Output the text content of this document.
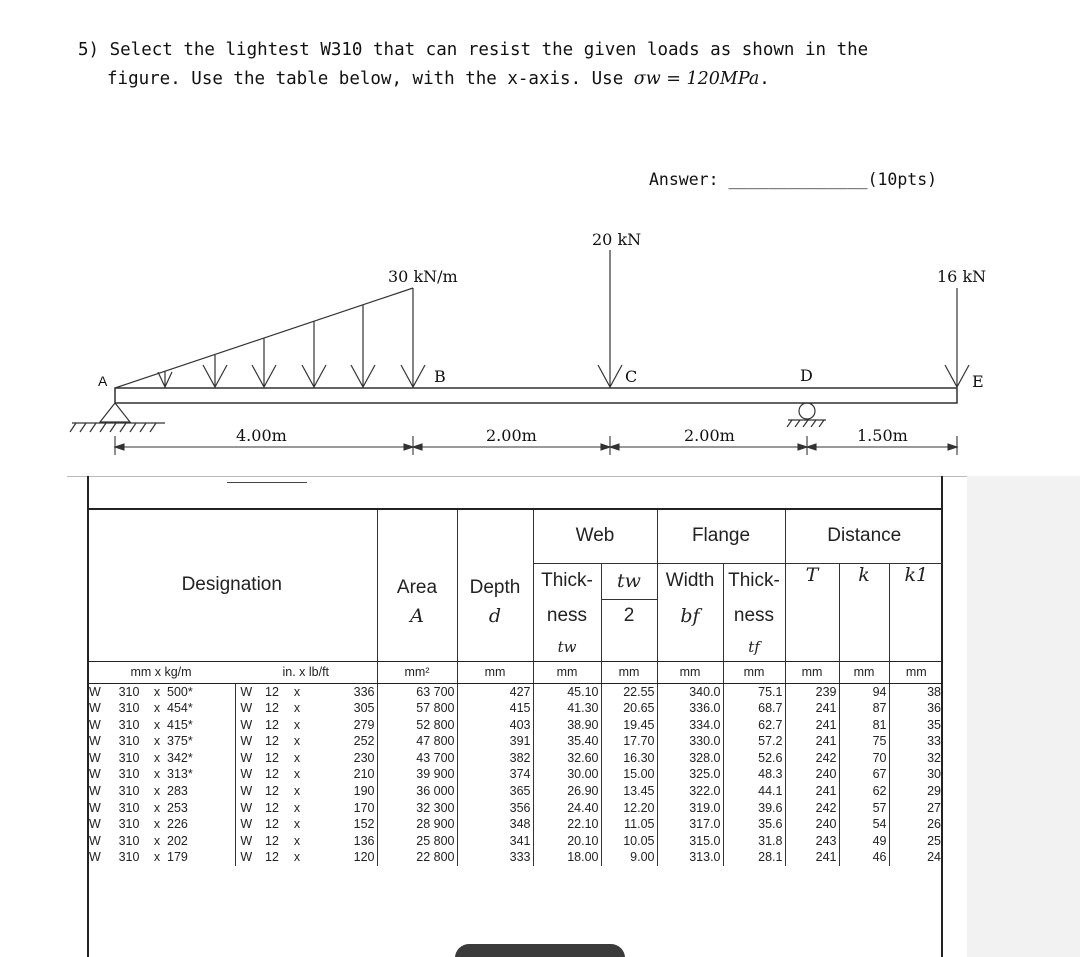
5) Select the lightest W310 that can resist the given loads as shown in the
figure. Use the table below, with the x-axis. Use σw = 120MPa.
Answer: ______________(10pts)
30 kN/m
20 kN
16 kN
A	B	C	D	E
4.00m	2.00m	2.00m	1.50m
Designation								Area	Depth	Web		Flange		Distance		
										Thick-	tw	Width	Thick-	T	k	k1
								A	d	ness	2	bf	ness			
										tw			tf			
mm x kg/m				in. x lb/ft				mm²	mm	mm	mm	mm	mm	mm	mm	mm
W	310	x	500*	W	12	x	336	63 700	427	45.10	22.55	340.0	75.1	239	94	38
W	310	x	454*	W	12	x	305	57 800	415	41.30	20.65	336.0	68.7	241	87	36
W	310	x	415*	W	12	x	279	52 800	403	38.90	19.45	334.0	62.7	241	81	35
W	310	x	375*	W	12	x	252	47 800	391	35.40	17.70	330.0	57.2	241	75	33
W	310	x	342*	W	12	x	230	43 700	382	32.60	16.30	328.0	52.6	242	70	32
W	310	x	313*	W	12	x	210	39 900	374	30.00	15.00	325.0	48.3	240	67	30
W	310	x	283	W	12	x	190	36 000	365	26.90	13.45	322.0	44.1	241	62	29
W	310	x	253	W	12	x	170	32 300	356	24.40	12.20	319.0	39.6	242	57	27
W	310	x	226	W	12	x	152	28 900	348	22.10	11.05	317.0	35.6	240	54	26
W	310	x	202	W	12	x	136	25 800	341	20.10	10.05	315.0	31.8	243	49	25
W	310	x	179	W	12	x	120	22 800	333	18.00	9.00	313.0	28.1	241	46	24
